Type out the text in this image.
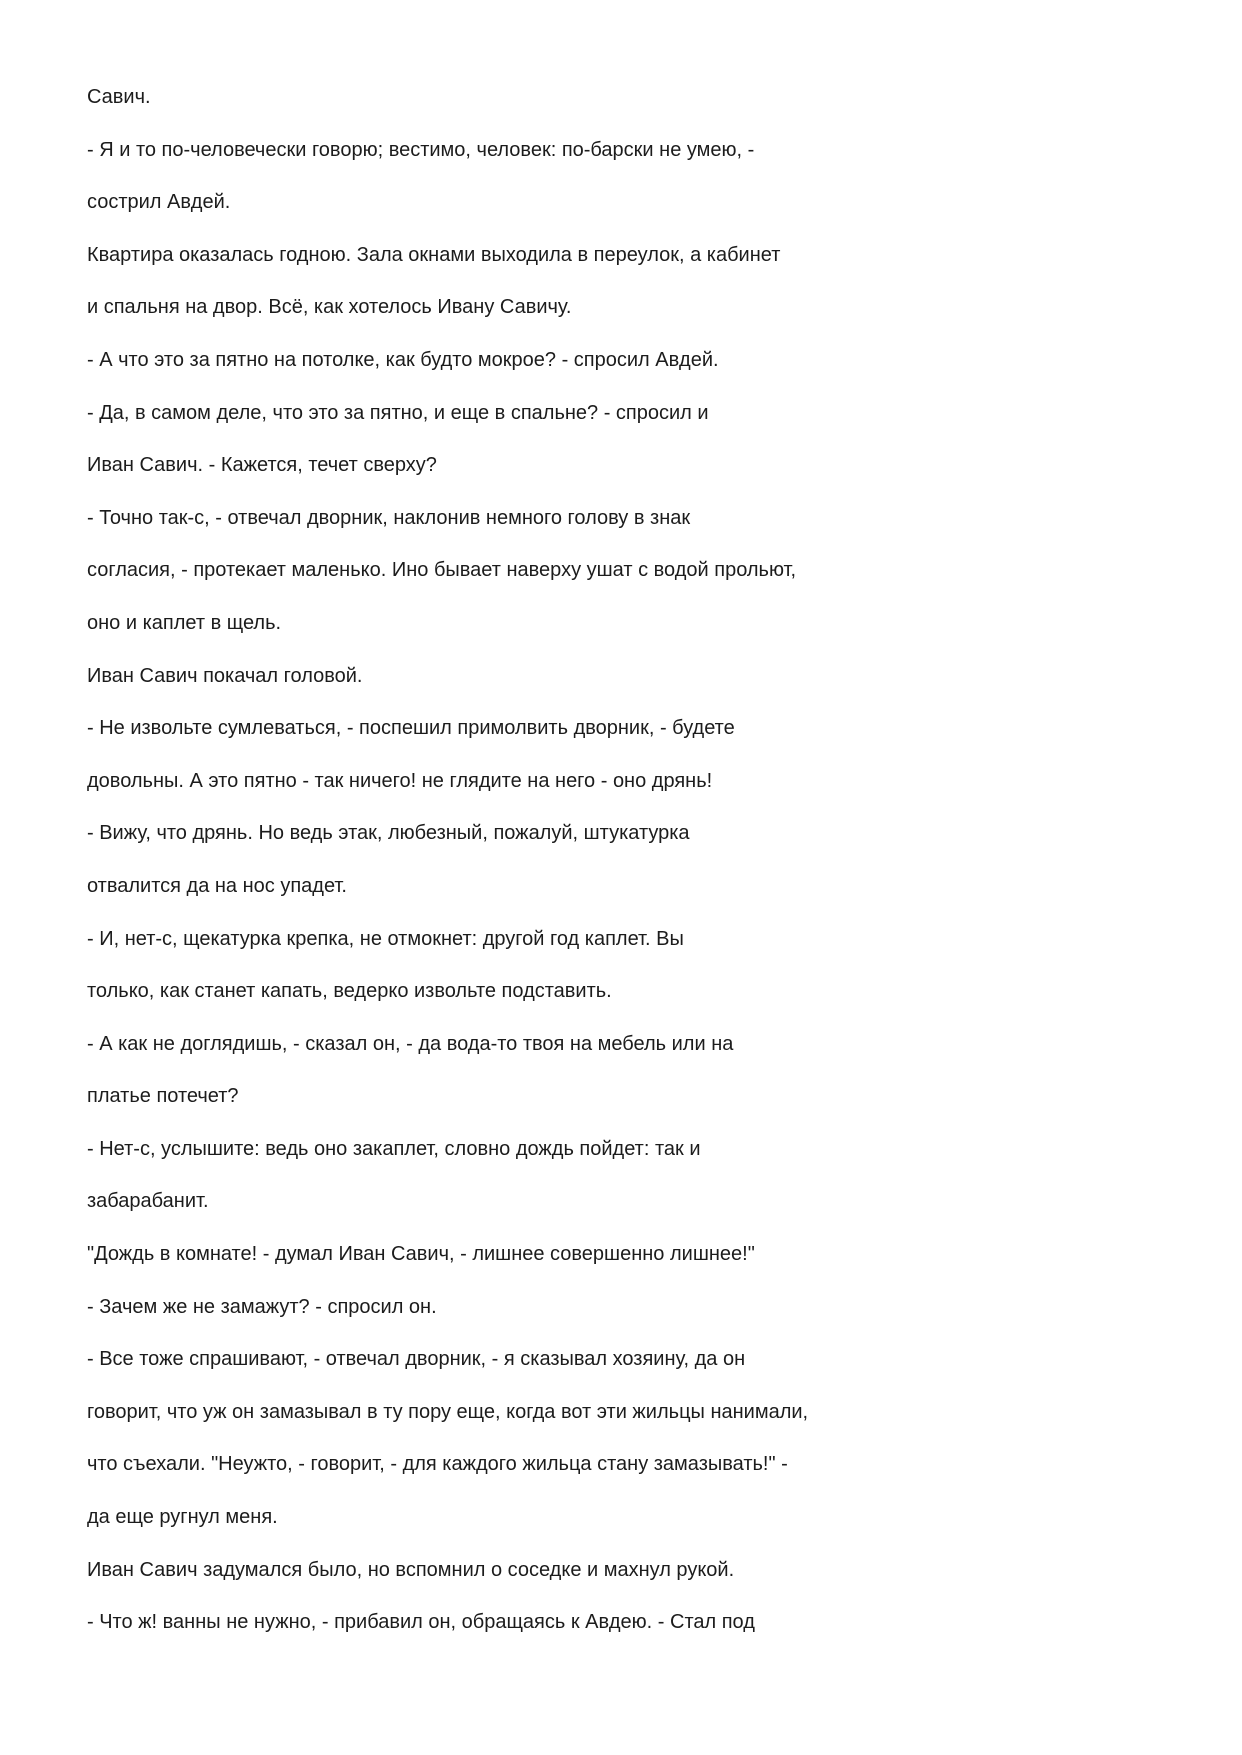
Савич.
- Я и то по-человечески говорю; вестимо, человек: по-барски не умею, -
сострил Авдей.
Квартира оказалась годною. Зала окнами выходила в переулок, а кабинет
и спальня на двор. Всё, как хотелось Ивану Савичу.
- А что это за пятно на потолке, как будто мокрое? - спросил Авдей.
- Да, в самом деле, что это за пятно, и еще в спальне? - спросил и
Иван Савич. - Кажется, течет сверху?
- Точно так-с, - отвечал дворник, наклонив немного голову в знак
согласия, - протекает маленько. Ино бывает наверху ушат с водой прольют,
оно и каплет в щель.
Иван Савич покачал головой.
- Не извольте сумлеваться, - поспешил примолвить дворник, - будете
довольны. А это пятно - так ничего! не глядите на него - оно дрянь!
- Вижу, что дрянь. Но ведь этак, любезный, пожалуй, штукатурка
отвалится да на нос упадет.
- И, нет-с, щекатурка крепка, не отмокнет: другой год каплет. Вы
только, как станет капать, ведерко извольте подставить.
- А как не доглядишь, - сказал он, - да вода-то твоя на мебель или на
платье потечет?
- Нет-с, услышите: ведь оно закаплет, словно дождь пойдет: так и
забарабанит.
"Дождь в комнате! - думал Иван Савич, - лишнее совершенно лишнее!"
- Зачем же не замажут? - спросил он.
- Все тоже спрашивают, - отвечал дворник, - я сказывал хозяину, да он
говорит, что уж он замазывал в ту пору еще, когда вот эти жильцы нанимали,
что съехали. "Неужто, - говорит, - для каждого жильца стану замазывать!" -
да еще ругнул меня.
Иван Савич задумался было, но вспомнил о соседке и махнул рукой.
- Что ж! ванны не нужно, - прибавил он, обращаясь к Авдею. - Стал под
